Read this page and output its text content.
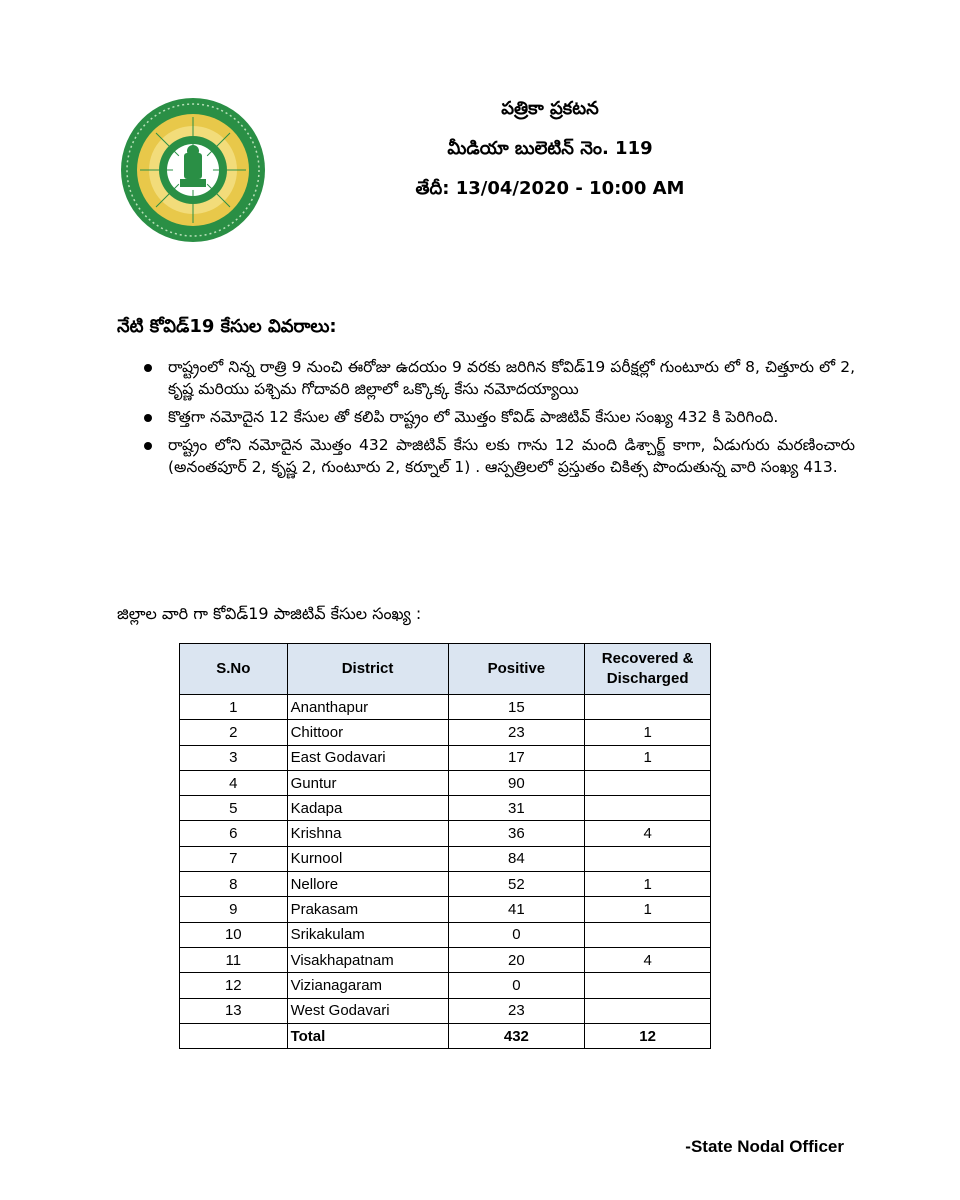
పత్రికా ప్రకటన
మీడియా బులెటిన్ నెం. 119
తేదీ: 13/04/2020 - 10:00 AM
నేటి కోవిడ్19 కేసుల వివరాలు:
రాష్ట్రంలో నిన్న రాత్రి 9 నుంచి ఈరోజు ఉదయం 9 వరకు జరిగిన కోవిడ్19 పరీక్షల్లో గుంటూరు లో 8, చిత్తూరు లో 2, కృష్ణ మరియు పశ్చిమ గోదావరి జిల్లాలో ఒక్కొక్క కేసు నమోదయ్యాయి
కొత్తగా నమోదైన 12 కేసుల తో కలిపి రాష్ట్రం లో మొత్తం కోవిడ్ పాజిటివ్ కేసుల సంఖ్య 432 కి పెరిగింది.
రాష్ట్రం లోని నమోదైన మొత్తం 432 పాజిటివ్ కేసు లకు గాను 12 మంది డిశ్చార్జ్ కాగా, ఏడుగురు మరణించారు (అనంతపూర్ 2, కృష్ణ 2, గుంటూరు 2, కర్నూల్ 1) . ఆస్పత్రిలలో ప్రస్తుతం చికిత్స పొందుతున్న వారి సంఖ్య 413.
జిల్లాల వారి గా కోవిడ్19 పాజిటివ్ కేసుల సంఖ్య :
S.No	District	Positive	Recovered &
Discharged
1	Ananthapur	15	
2	Chittoor	23	1
3	East Godavari	17	1
4	Guntur	90	
5	Kadapa	31	
6	Krishna	36	4
7	Kurnool	84	
8	Nellore	52	1
9	Prakasam	41	1
10	Srikakulam	0	
11	Visakhapatnam	20	4
12	Vizianagaram	0	
13	West Godavari	23	
	Total	432	12
-State Nodal Officer
